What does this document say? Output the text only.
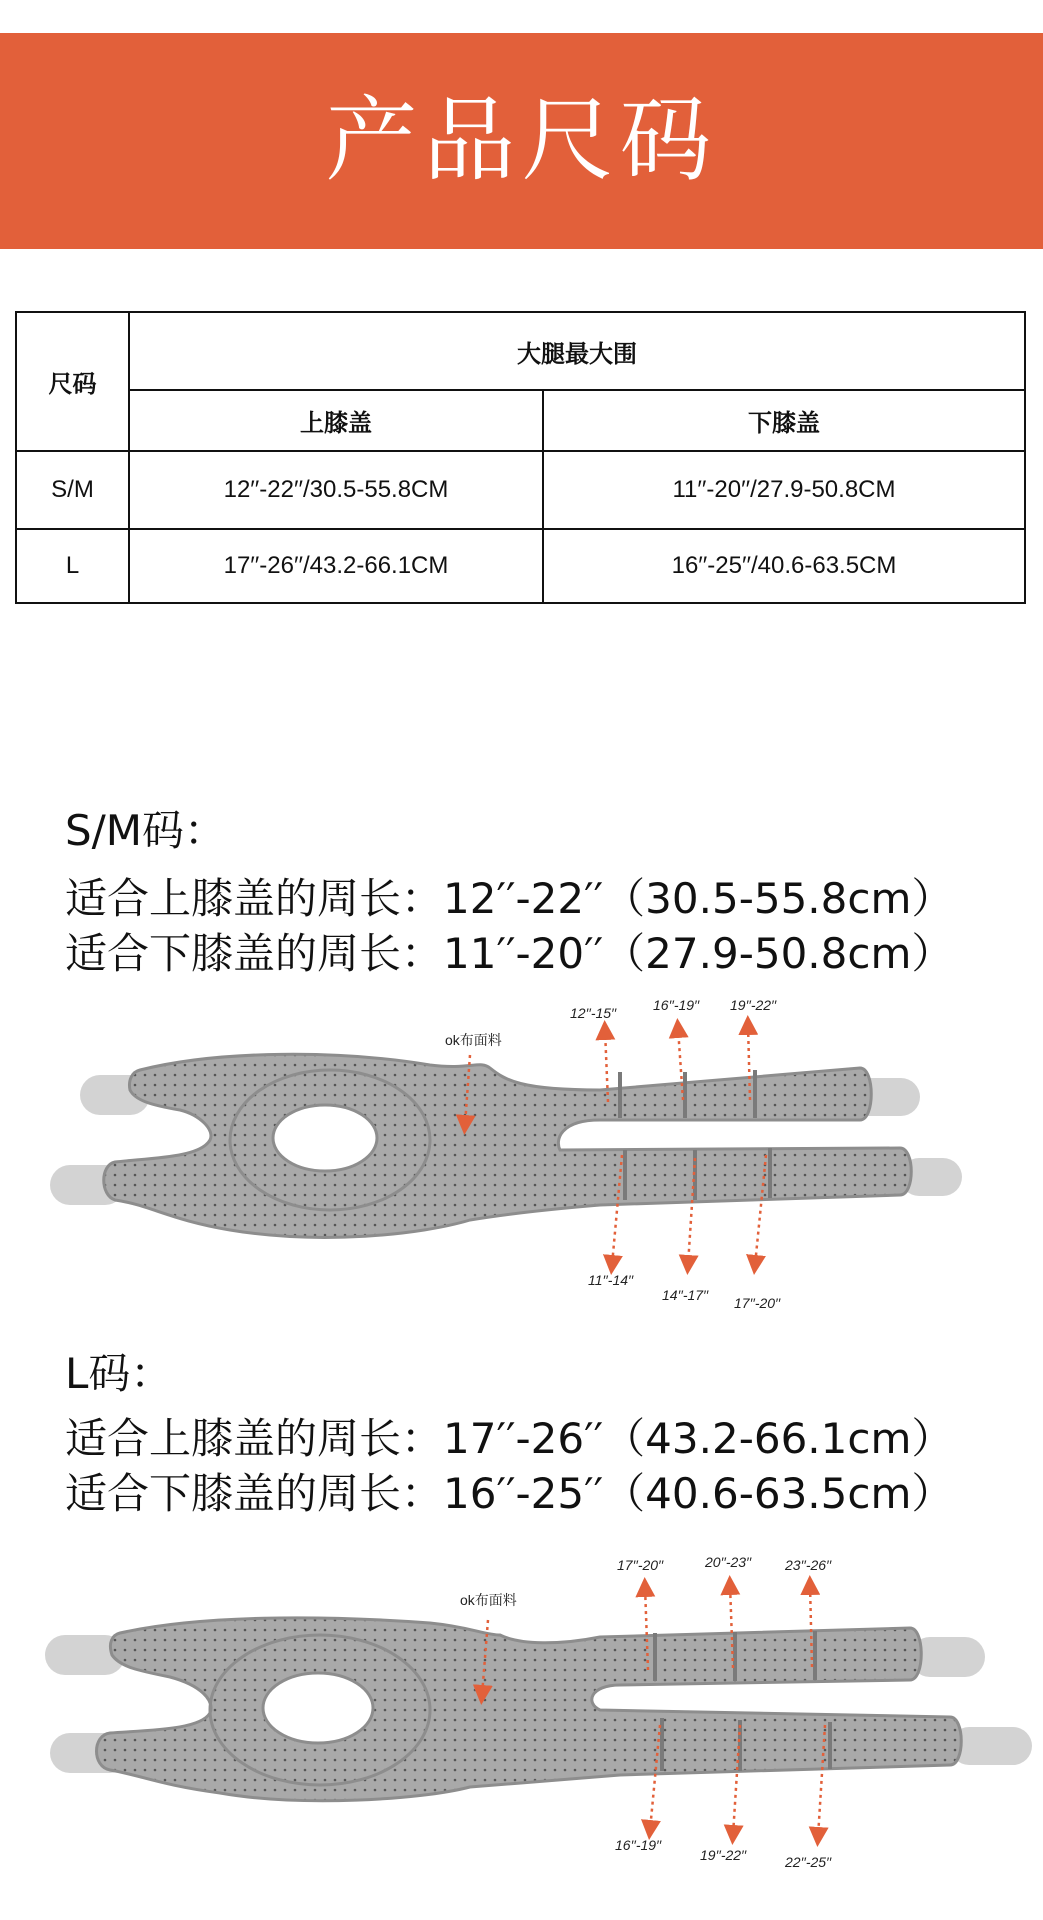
产品尺码
尺码	大腿最大围	
	上膝盖	下膝盖
S/M	12′′-22′′/30.5-55.8CM	11′′-20′′/27.9-50.8CM
L	17′′-26′′/43.2-66.1CM	16′′-25′′/40.6-63.5CM
S/M码：
适合上膝盖的周长：12′′-22′′（30.5-55.8cm）
适合下膝盖的周长：11′′-20′′（27.9-50.8cm）
ok布面料
12′′-15′′	16′′-19′′ 19′′-22′′
11′′-14′′
14′′-17′′ 17′′-20′′
L码：
适合上膝盖的周长：17′′-26′′（43.2-66.1cm）
适合下膝盖的周长：16′′-25′′（40.6-63.5cm）
ok布面料
17′′-20′′	20′′-23′′ 23′′-26′′
16′′-19′′
19′′-22′′	22′′-25′′
